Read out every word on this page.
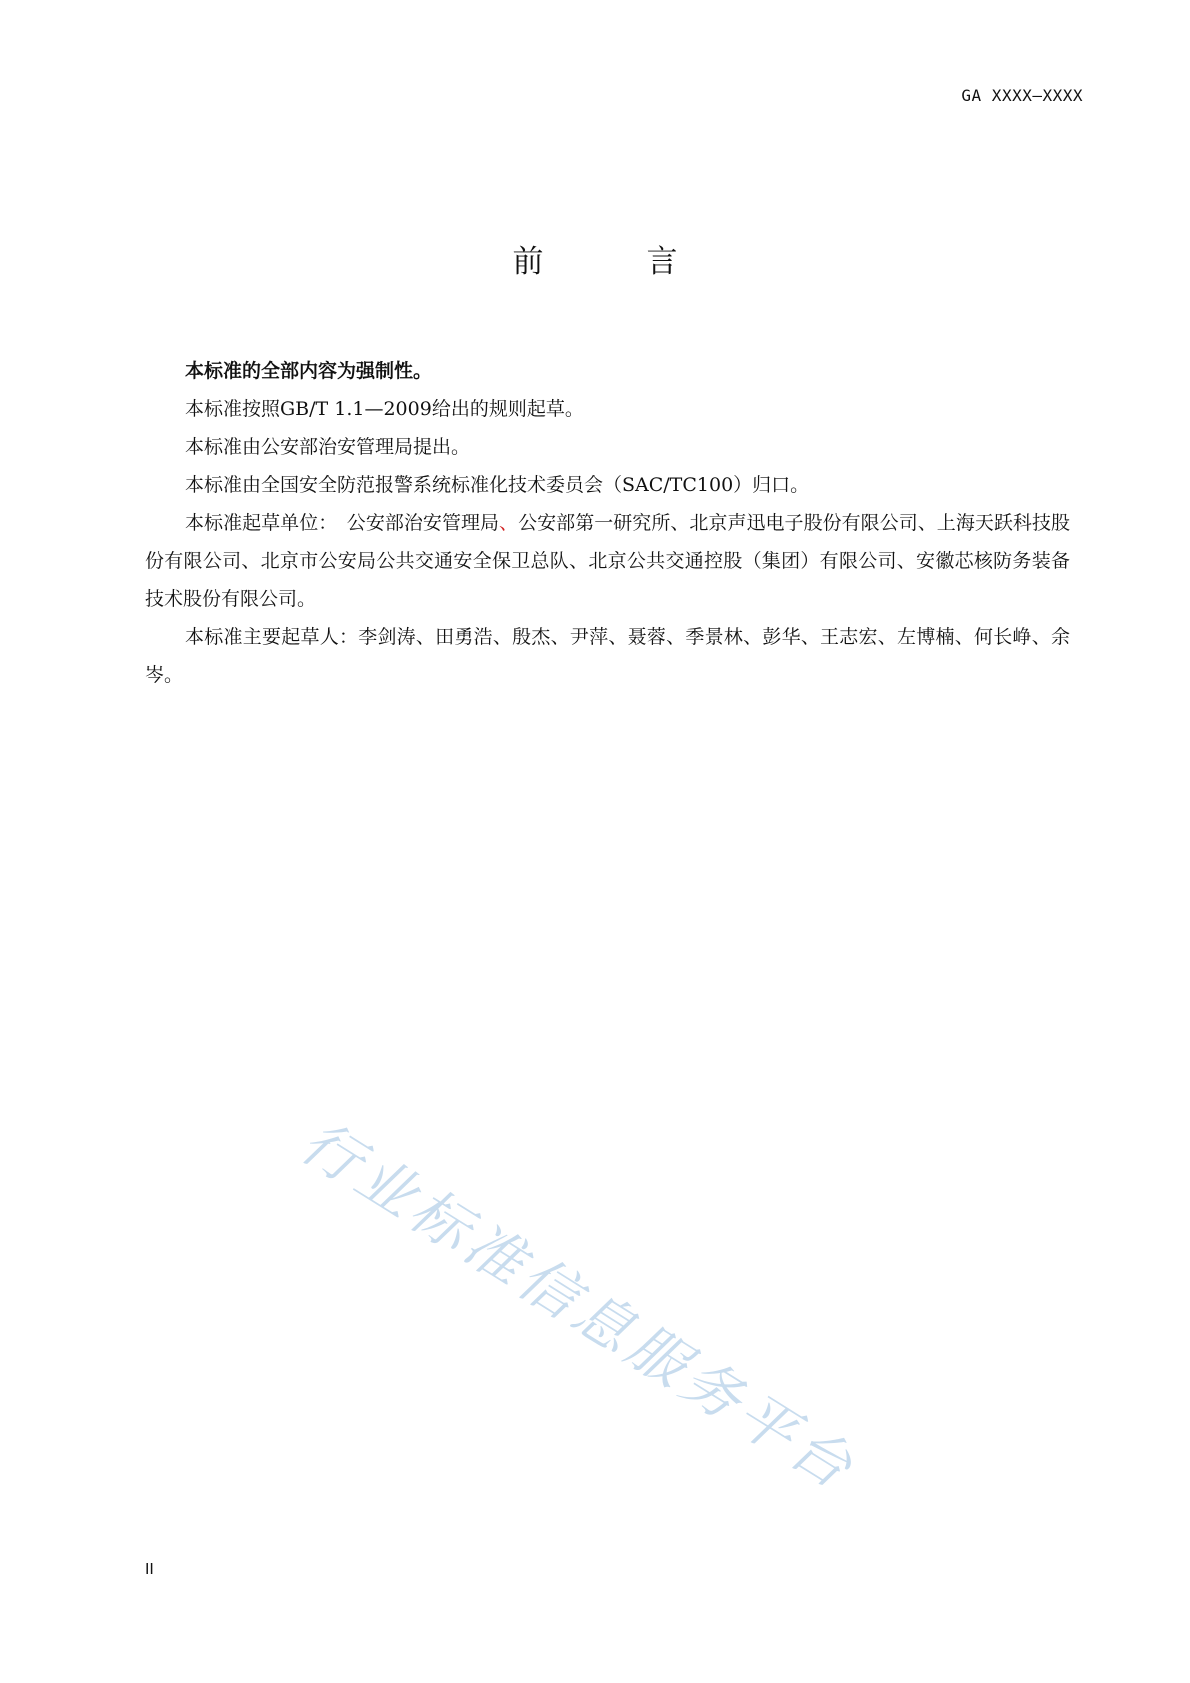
GA XXXX—XXXX
前　言

本标准的全部内容为强制性。

本标准按照GB/T 1.1—2009给出的规则起草。

本标准由公安部治安管理局提出。

本标准由全国安全防范报警系统标准化技术委员会（SAC/TC100）归口。

本标准起草单位：　公安部治安管理局、公安部第一研究所、北京声迅电子股份有限公司、上海天跃科技股份有限公司、北京市公安局公共交通安全保卫总队、北京公共交通控股（集团）有限公司、安徽芯核防务装备技术股份有限公司。

本标准主要起草人：李剑涛、田勇浩、殷杰、尹萍、聂蓉、季景林、彭华、王志宏、左博楠、何长峥、余岑。

行业标准信息服务平台
II
